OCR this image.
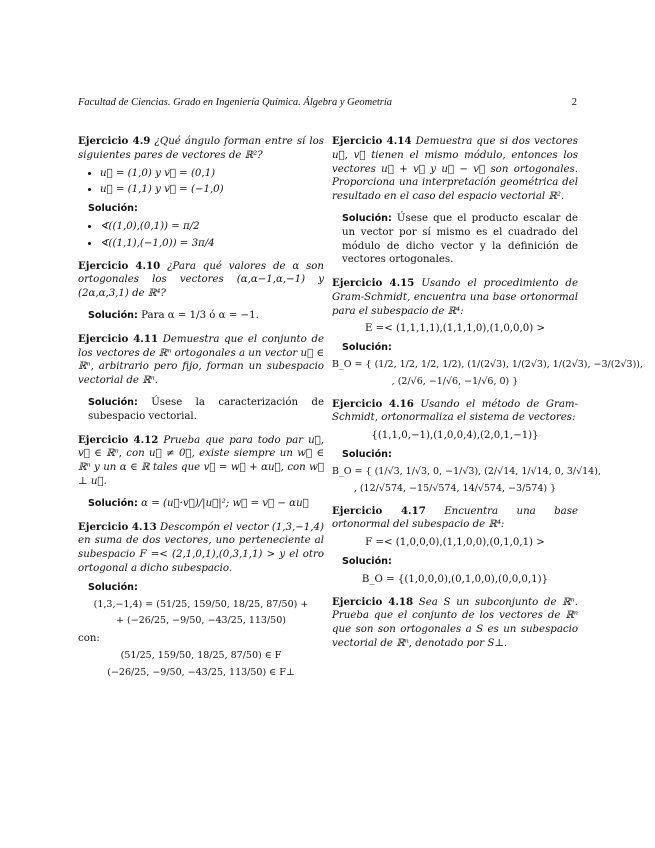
Facultad de Ciencias. Grado en Ingeniería Química. Álgebra y Geometría	2
Ejercicio 4.9 ¿Qué ángulo forman entre sí los siguientes pares de vectores de ℝ²?
• u⃗ = (1,0) y v⃗ = (0,1)
• u⃗ = (1,1) y v⃗ = (−1,0)
Solución:
• ∢((1,0),(0,1)) = π/2
• ∢((1,1),(−1,0)) = 3π/4
Ejercicio 4.10 ¿Para qué valores de α son ortogonales los vectores (α,α−1,α,−1) y (2α,α,3,1) de ℝ⁴?
Solución: Para α = 1/3 ó α = −1.
Ejercicio 4.11 Demuestra que el conjunto de los vectores de ℝⁿ ortogonales a un vector u⃗ ∈ ℝⁿ, arbitrario pero fijo, forman un subespacio vectorial de ℝⁿ.
Solución: Úsese la caracterización de subespacio vectorial.
Ejercicio 4.12 Prueba que para todo par u⃗, v⃗ ∈ ℝⁿ, con u⃗ ≠ 0⃗, existe siempre un w⃗ ∈ ℝⁿ y un α ∈ ℝ tales que v⃗ = w⃗ + αu⃗, con w⃗ ⊥ u⃗.
Solución: α = (u⃗·v⃗)/|u⃗|²; w⃗ = v⃗ − αu⃗
Ejercicio 4.13 Descompón el vector (1,3,−1,4) en suma de dos vectores, uno perteneciente al subespacio F =< (2,1,0,1),(0,3,1,1) > y el otro ortogonal a dicho subespacio.
Solución:
(1,3,−1,4) = (51/25, 159/50, 18/25, 87/50) +
+ (−26/25, −9/50, −43/25, 113/50)
con:
(51/25, 159/50, 18/25, 87/50) ∈ F
(−26/25, −9/50, −43/25, 113/50) ∈ F⊥
Ejercicio 4.14 Demuestra que si dos vectores u⃗, v⃗ tienen el mismo módulo, entonces los vectores u⃗ + v⃗ y u⃗ − v⃗ son ortogonales. Proporciona una interpretación geométrica del resultado en el caso del espacio vectorial ℝ².
Solución: Úsese que el producto escalar de un vector por sí mismo es el cuadrado del módulo de dicho vector y la definición de vectores ortogonales.
Ejercicio 4.15 Usando el procedimiento de Gram-Schmidt, encuentra una base ortonormal para el subespacio de ℝ⁴:
E =< (1,1,1,1),(1,1,1,0),(1,0,0,0) >
Solución:
B_O = { (1/2, 1/2, 1/2, 1/2), (1/(2√3), 1/(2√3), 1/(2√3), −3/(2√3)),
, (2/√6, −1/√6, −1/√6, 0) }
Ejercicio 4.16 Usando el método de Gram-Schmidt, ortonormaliza el sistema de vectores:
{(1,1,0,−1),(1,0,0,4),(2,0,1,−1)}
Solución:
B_O = { (1/√3, 1/√3, 0, −1/√3), (2/√14, 1/√14, 0, 3/√14),
, (12/√574, −15/√574, 14/√574, −3/574) }
Ejercicio 4.17 Encuentra una base ortonormal del subespacio de ℝ⁴:
F =< (1,0,0,0),(1,1,0,0),(0,1,0,1) >
Solución:
B_O = {(1,0,0,0),(0,1,0,0),(0,0,0,1)}
Ejercicio 4.18 Sea S un subconjunto de ℝⁿ. Prueba que el conjunto de los vectores de ℝⁿ que son son ortogonales a S es un subespacio vectorial de ℝⁿ, denotado por S⊥.
